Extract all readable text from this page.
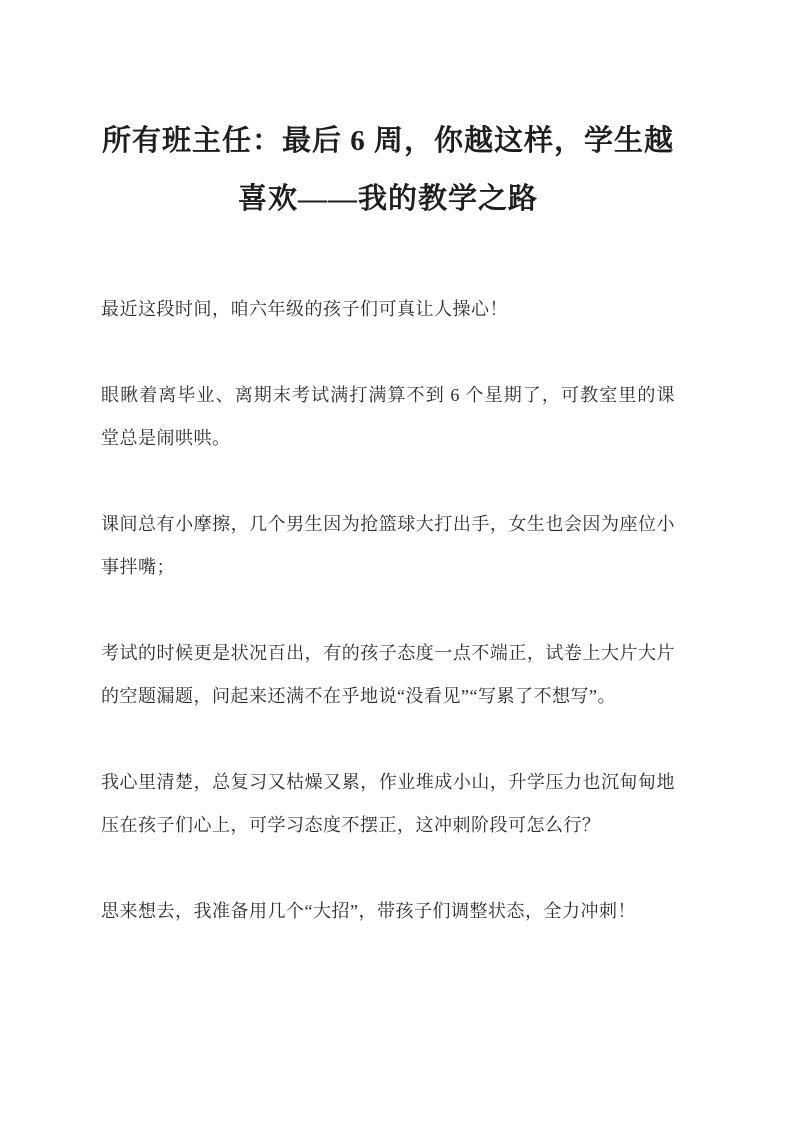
所有班主任：最后 6 周，你越这样，学生越喜欢——我的教学之路

最近这段时间，咱六年级的孩子们可真让人操心！

眼瞅着离毕业、离期末考试满打满算不到 6 个星期了，可教室里的课堂总是闹哄哄。

课间总有小摩擦，几个男生因为抢篮球大打出手，女生也会因为座位小事拌嘴；

考试的时候更是状况百出，有的孩子态度一点不端正，试卷上大片大片的空题漏题，问起来还满不在乎地说“没看见”“写累了不想写”。

我心里清楚，总复习又枯燥又累，作业堆成小山，升学压力也沉甸甸地压在孩子们心上，可学习态度不摆正，这冲刺阶段可怎么行？

思来想去，我准备用几个“大招”，带孩子们调整状态，全力冲刺！
